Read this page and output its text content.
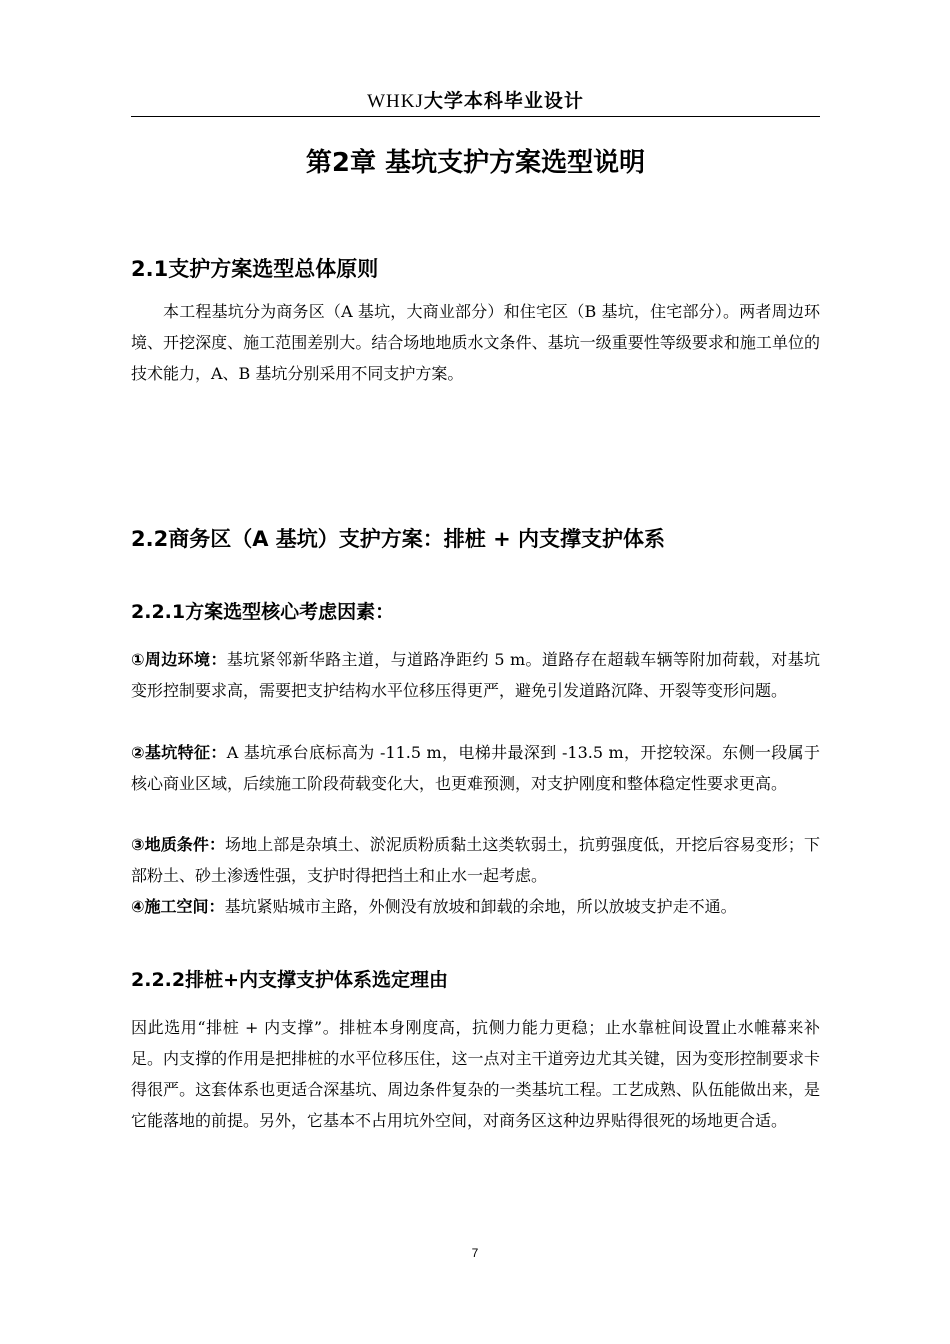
WHKJ大学本科毕业设计
第2章 基坑支护方案选型说明
2.1支护方案选型总体原则

本工程基坑分为商务区（A 基坑，大商业部分）和住宅区（B 基坑，住宅部分）。两者周边环境、开挖深度、施工范围差别大。结合场地地质水文条件、基坑一级重要性等级要求和施工单位的技术能力，A、B 基坑分别采用不同支护方案。

2.2商务区（A 基坑）支护方案：排桩 + 内支撑支护体系
2.2.1方案选型核心考虑因素：

①周边环境：基坑紧邻新华路主道，与道路净距约 5 m。道路存在超载车辆等附加荷载，对基坑变形控制要求高，需要把支护结构水平位移压得更严，避免引发道路沉降、开裂等变形问题。

②基坑特征：A 基坑承台底标高为 -11.5 m，电梯井最深到 -13.5 m，开挖较深。东侧一段属于核心商业区域，后续施工阶段荷载变化大，也更难预测，对支护刚度和整体稳定性要求更高。

③地质条件：场地上部是杂填土、淤泥质粉质黏土这类软弱土，抗剪强度低，开挖后容易变形；下部粉土、砂土渗透性强，支护时得把挡土和止水一起考虑。

④施工空间：基坑紧贴城市主路，外侧没有放坡和卸载的余地，所以放坡支护走不通。

2.2.2排桩+内支撑支护体系选定理由

因此选用“排桩 + 内支撑”。排桩本身刚度高，抗侧力能力更稳；止水靠桩间设置止水帷幕来补足。内支撑的作用是把排桩的水平位移压住，这一点对主干道旁边尤其关键，因为变形控制要求卡得很严。这套体系也更适合深基坑、周边条件复杂的一类基坑工程。工艺成熟、队伍能做出来，是它能落地的前提。另外，它基本不占用坑外空间，对商务区这种边界贴得很死的场地更合适。

7
